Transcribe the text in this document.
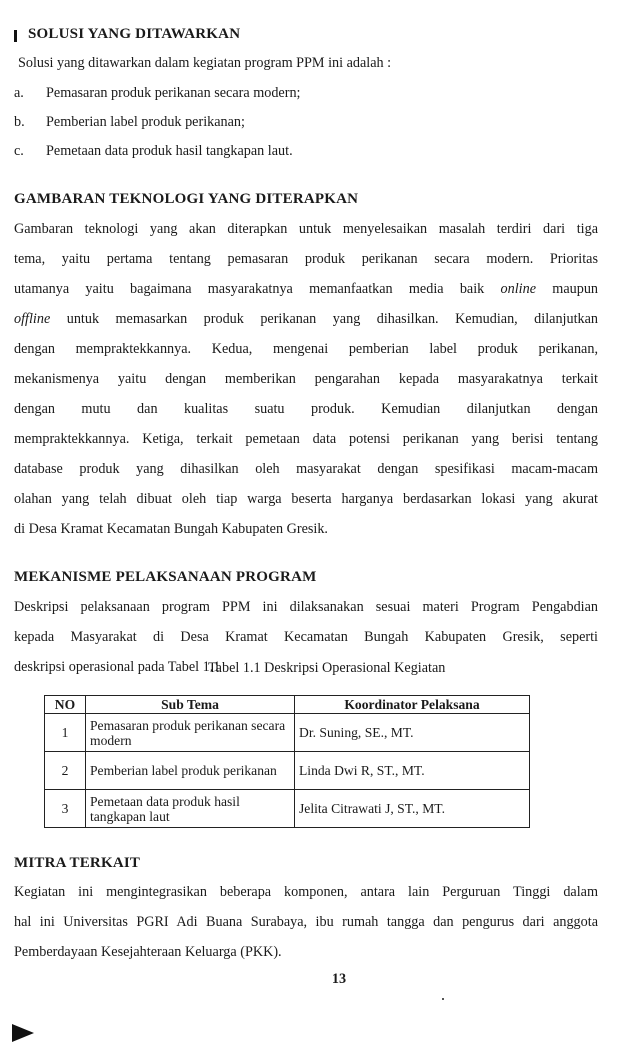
SOLUSI YANG DITAWARKAN
Solusi yang ditawarkan dalam kegiatan program PPM ini adalah :
a. Pemasaran produk perikanan secara modern;
b. Pemberian label produk perikanan;
c. Pemetaan data produk hasil tangkapan laut.
GAMBARAN TEKNOLOGI YANG DITERAPKAN
Gambaran teknologi yang akan diterapkan untuk menyelesaikan masalah terdiri dari tiga
tema, yaitu pertama tentang pemasaran produk perikanan secara modern. Prioritas
utamanya yaitu bagaimana masyarakatnya memanfaatkan media baik online maupun
offline untuk memasarkan produk perikanan yang dihasilkan. Kemudian, dilanjutkan
dengan mempraktekkannya. Kedua, mengenai pemberian label produk perikanan,
mekanismenya yaitu dengan memberikan pengarahan kepada masyarakatnya terkait
dengan mutu dan kualitas suatu produk. Kemudian dilanjutkan dengan
mempraktekkannya. Ketiga, terkait pemetaan data potensi perikanan yang berisi tentang
database produk yang dihasilkan oleh masyarakat dengan spesifikasi macam-macam
olahan yang telah dibuat oleh tiap warga beserta harganya berdasarkan lokasi yang akurat
di Desa Kramat Kecamatan Bungah Kabupaten Gresik.
MEKANISME PELAKSANAAN PROGRAM
Deskripsi pelaksanaan program PPM ini dilaksanakan sesuai materi Program Pengabdian
kepada Masyarakat di Desa Kramat Kecamatan Bungah Kabupaten Gresik, seperti
deskripsi operasional pada Tabel 1.1
Tabel 1.1 Deskripsi Operasional Kegiatan
NO	Sub Tema	Koordinator Pelaksana
1	Pemasaran produk perikanan secara modern	Dr. Suning, SE., MT.
2	Pemberian label produk perikanan	Linda Dwi R, ST., MT.
3	Pemetaan data produk hasil tangkapan laut	Jelita Citrawati J, ST., MT.
MITRA TERKAIT
Kegiatan ini mengintegrasikan beberapa komponen, antara lain Perguruan Tinggi dalam
hal ini Universitas PGRI Adi Buana Surabaya, ibu rumah tangga dan pengurus dari anggota
Pemberdayaan Kesejahteraan Keluarga (PKK).
13
